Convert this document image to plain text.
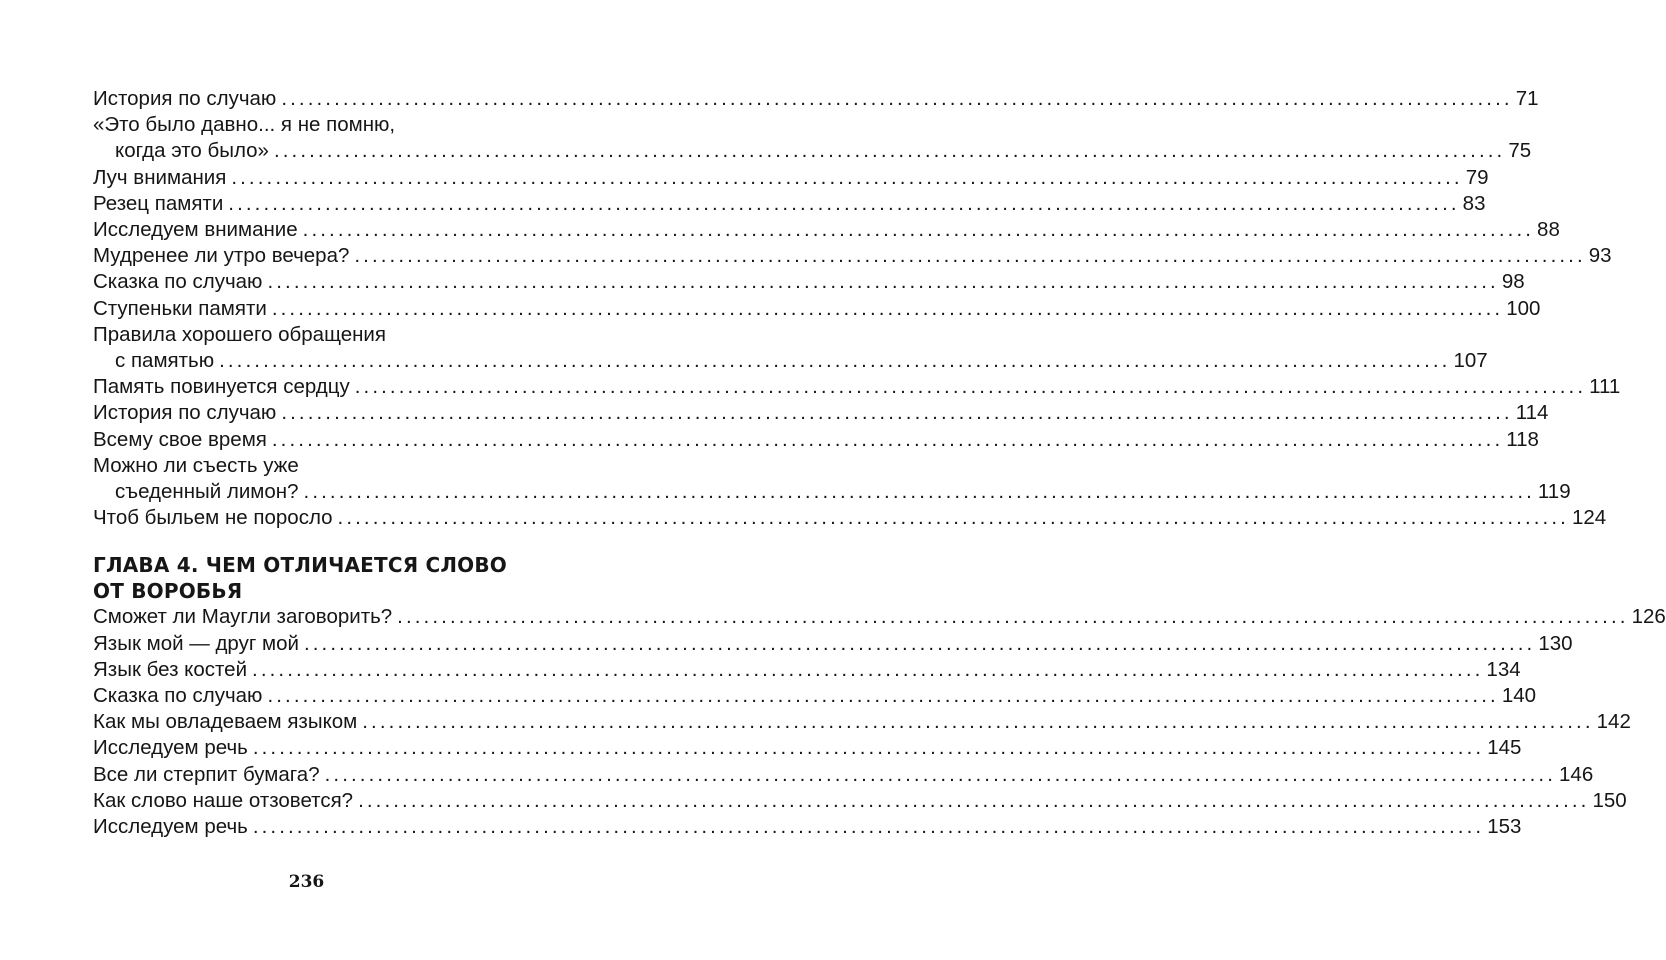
История по случаю ............................................................................................................................................ 71
«Это было давно... я не помню,
когда это было» ............................................................................................................................................ 75
Луч внимания ............................................................................................................................................ 79
Резец памяти ............................................................................................................................................ 83
Исследуем внимание ............................................................................................................................................ 88
Мудренее ли утро вечера? ............................................................................................................................................ 93
Сказка по случаю ............................................................................................................................................ 98
Ступеньки памяти ............................................................................................................................................ 100
Правила хорошего обращения
с памятью ............................................................................................................................................ 107
Память повинуется сердцу ............................................................................................................................................ 111
История по случаю ............................................................................................................................................ 114
Всему свое время ............................................................................................................................................ 118
Можно ли съесть уже
съеденный лимон? ............................................................................................................................................ 119
Чтоб быльем не поросло ............................................................................................................................................ 124
ГЛАВА 4. ЧЕМ ОТЛИЧАЕТСЯ СЛОВО
ОТ ВОРОБЬЯ
Сможет ли Маугли заговорить? ............................................................................................................................................ 126
Язык мой — друг мой ............................................................................................................................................ 130
Язык без костей ............................................................................................................................................ 134
Сказка по случаю ............................................................................................................................................ 140
Как мы овладеваем языком ............................................................................................................................................ 142
Исследуем речь ............................................................................................................................................ 145
Все ли стерпит бумага? ............................................................................................................................................ 146
Как слово наше отзовется? ............................................................................................................................................ 150
Исследуем речь ............................................................................................................................................ 153
236
